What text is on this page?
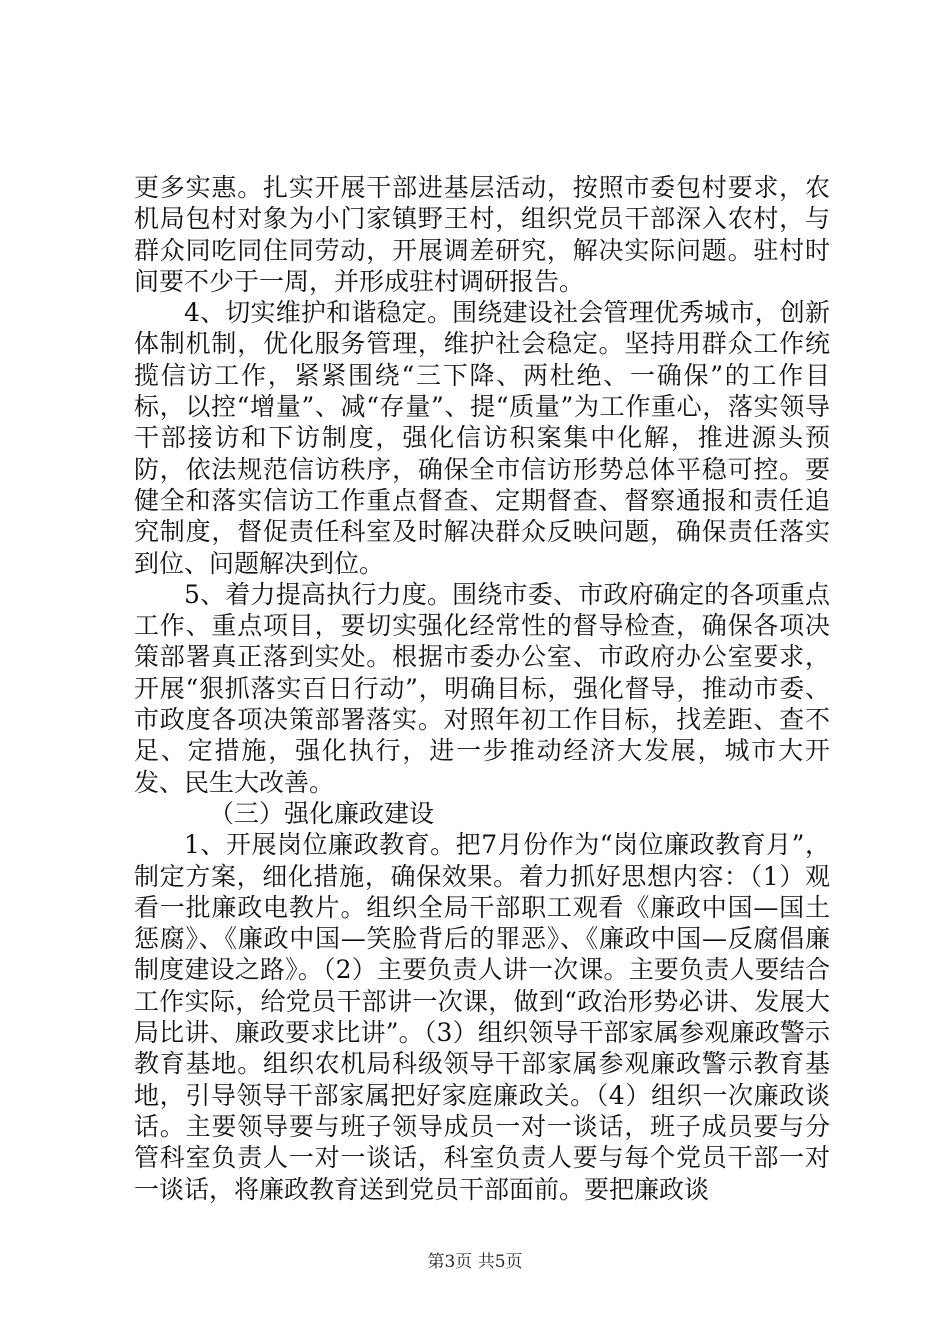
更多实惠。扎实开展干部进基层活动，按照市委包村要求，农机局包村对象为小门家镇野王村，组织党员干部深入农村，与群众同吃同住同劳动，开展调差研究，解决实际问题。驻村时间要不少于一周，并形成驻村调研报告。

4、切实维护和谐稳定。围绕建设社会管理优秀城市，创新体制机制，优化服务管理，维护社会稳定。坚持用群众工作统揽信访工作，紧紧围绕“三下降、两杜绝、一确保”的工作目标，以控“增量”、减“存量”、提“质量”为工作重心，落实领导干部接访和下访制度，强化信访积案集中化解，推进源头预防，依法规范信访秩序，确保全市信访形势总体平稳可控。要健全和落实信访工作重点督查、定期督查、督察通报和责任追究制度，督促责任科室及时解决群众反映问题，确保责任落实到位、问题解决到位。

5、着力提高执行力度。围绕市委、市政府确定的各项重点工作、重点项目，要切实强化经常性的督导检查，确保各项决策部署真正落到实处。根据市委办公室、市政府办公室要求，开展“狠抓落实百日行动”，明确目标，强化督导，推动市委、市政度各项决策部署落实。对照年初工作目标，找差距、查不足、定措施，强化执行，进一步推动经济大发展，城市大开发、民生大改善。

（三）强化廉政建设

1、开展岗位廉政教育。把7月份作为“岗位廉政教育月”，制定方案，细化措施，确保效果。着力抓好思想内容：（1）观看一批廉政电教片。组织全局干部职工观看《廉政中国—国土惩腐》、《廉政中国—笑脸背后的罪恶》、《廉政中国—反腐倡廉制度建设之路》。（2）主要负责人讲一次课。主要负责人要结合工作实际，给党员干部讲一次课，做到“政治形势必讲、发展大局比讲、廉政要求比讲”。（3）组织领导干部家属参观廉政警示教育基地。组织农机局科级领导干部家属参观廉政警示教育基地，引导领导干部家属把好家庭廉政关。（4）组织一次廉政谈话。主要领导要与班子领导成员一对一谈话，班子成员要与分管科室负责人一对一谈话，科室负责人要与每个党员干部一对一谈话，将廉政教育送到党员干部面前。要把廉政谈

第3页 共5页
